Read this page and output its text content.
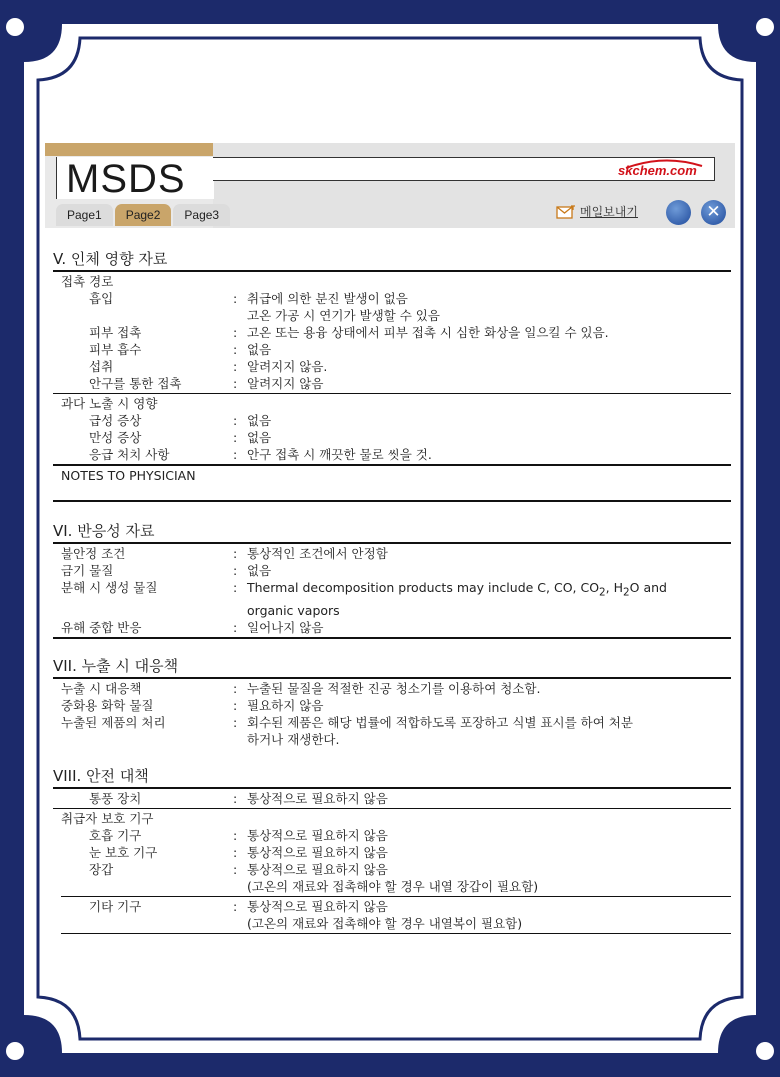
MSDS	skchem.com
Page1	Page2	Page3	메일보내기	✕
V. 인체 영향 자료
접촉 경로
흡입	: 취급에 의한 분진 발생이 없음
고온 가공 시 연기가 발생할 수 있음
피부 접촉	: 고온 또는 용융 상태에서 피부 접촉 시 심한 화상을 일으킬 수 있음.
피부 흡수	: 없음
섭취	: 알려지지 않음.
안구를 통한 접촉	: 알려지지 않음
과다 노출 시 영향
급성 증상	: 없음
만성 증상	: 없음
응급 처치 사항	: 안구 접촉 시 깨끗한 물로 씻을 것.
NOTES TO PHYSICIAN
VI. 반응성 자료
불안정 조건	: 통상적인 조건에서 안정함
금기 물질	: 없음
분해 시 생성 물질	: Thermal decomposition products may include C, CO, $CO_2$, $H_2O$ and
organic vapors
유해 중합 반응	: 일어나지 않음
VII. 누출 시 대응책
누출 시 대응책	: 누출된 물질을 적절한 진공 청소기를 이용하여 청소함.
중화용 화학 물질	: 필요하지 않음
누출된 제품의 처리	: 회수된 제품은 해당 법률에 적합하도록 포장하고 식별 표시를 하여 처분
하거나 재생한다.
VIII. 안전 대책
통풍 장치	: 통상적으로 필요하지 않음
취급자 보호 기구
호흡 기구	: 통상적으로 필요하지 않음
눈 보호 기구	: 통상적으로 필요하지 않음
장갑	: 통상적으로 필요하지 않음
(고온의 재료와 접촉해야 할 경우 내열 장갑이 필요함)
기타 기구	: 통상적으로 필요하지 않음
(고온의 재료와 접촉해야 할 경우 내열복이 필요함)
